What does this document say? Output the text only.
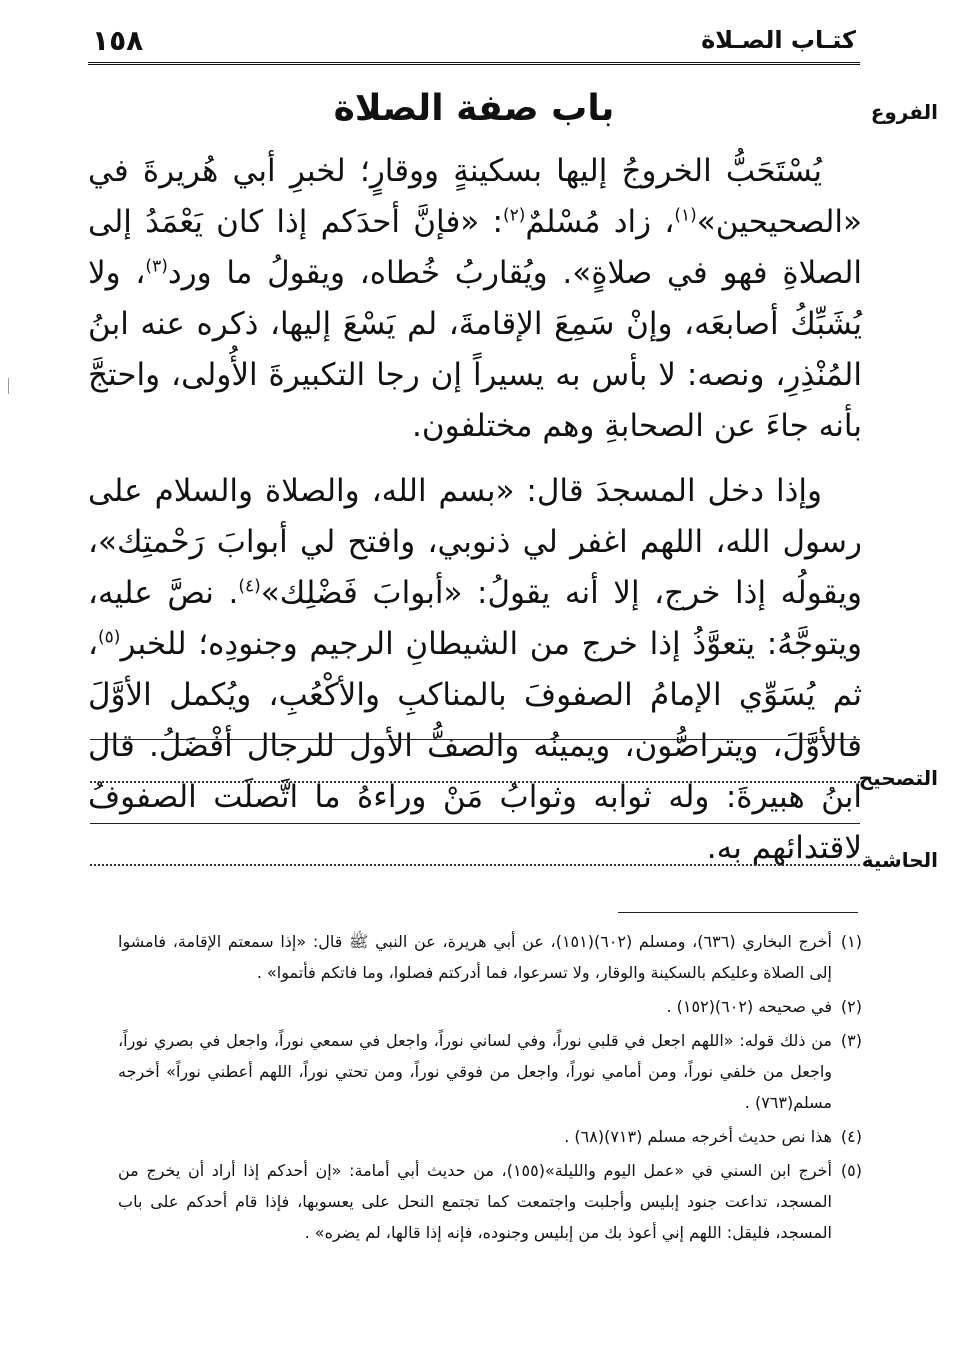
كتـاب الصـلاة
١٥٨
الفروع
باب صفة الصلاة

يُسْتَحَبُّ الخروجُ إليها بسكينةٍ ووقارٍ؛ لخبرِ أبي هُريرةَ في «الصحيحين»$^{(١)}$، زاد مُسْلمٌ$^{(٢)}$: «فإنَّ أحدَكم إذا كان يَعْمَدُ إلى الصلاةِ فهو في صلاةٍ». ويُقاربُ خُطاه، ويقولُ ما ورد$^{(٣)}$، ولا يُشَبِّكُ أصابعَه، وإنْ سَمِعَ الإقامةَ، لم يَسْعَ إليها، ذكره عنه ابنُ المُنْذِرِ، ونصه: لا بأس به يسيراً إن رجا التكبيرةَ الأُولى، واحتجَّ بأنه جاءَ عن الصحابةِ وهم مختلفون.

وإذا دخل المسجدَ قال: «بسم الله، والصلاة والسلام على رسول الله، اللهم اغفر لي ذنوبي، وافتح لي أبوابَ رَحْمتِك»، ويقولُه إذا خرج، إلا أنه يقولُ: «أبوابَ فَضْلِك»$^{(٤)}$. نصَّ عليه، ويتوجَّهُ: يتعوَّذُ إذا خرج من الشيطانِ الرجيم وجنودِه؛ للخبر$^{(٥)}$، ثم يُسَوِّي الإمامُ الصفوفَ بالمناكبِ والأكْعُبِ، ويُكمل الأوَّلَ فالأوَّلَ، ويتراصُّون، ويمينُه والصفُّ الأول للرجال أفْضَلُ. قال ابنُ هبيرةَ: وله ثوابه وثوابُ مَنْ وراءهُ ما اتَّصلَت الصفوفُ لاقتدائهم به.

التصحيح
الحاشية

(١)أخرج البخاري (٦٣٦)، ومسلم (٦٠٢)(١٥١)، عن أبي هريرة، عن النبي ﷺ قال: «إذا سمعتم الإقامة، فامشوا إلى الصلاة وعليكم بالسكينة والوقار، ولا تسرعوا، فما أدركتم فصلوا، وما فاتكم فأتموا» .

(٢)في صحيحه (٦٠٢)(١٥٢) .

(٣)من ذلك قوله: «اللهم اجعل في قلبي نوراً، وفي لساني نوراً، واجعل في سمعي نوراً، واجعل في بصري نوراً، واجعل من خلفي نوراً، ومن أمامي نوراً، واجعل من فوقي نوراً، ومن تحتي نوراً، اللهم أعطني نوراً» أخرجه مسلم(٧٦٣) .

(٤)هذا نص حديث أخرجه مسلم (٧١٣)(٦٨) .

(٥)أخرج ابن السني في «عمل اليوم والليلة»(١٥٥)، من حديث أبي أمامة: «إن أحدكم إذا أراد أن يخرج من المسجد، تداعت جنود إبليس وأجلبت واجتمعت كما تجتمع النحل على يعسوبها، فإذا قام أحدكم على باب المسجد، فليقل: اللهم إني أعوذ بك من إبليس وجنوده، فإنه إذا قالها، لم يضره» .
